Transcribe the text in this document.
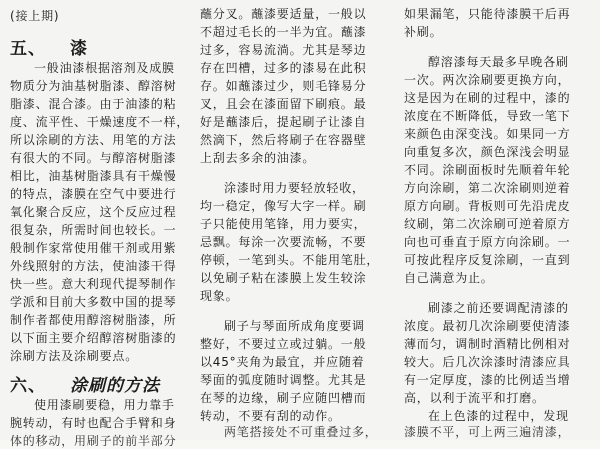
(接上期)
五、 漆
一般油漆根据溶剂及成膜
物质分为油基树脂漆、醇溶树
脂漆、混合漆。由于油漆的粘
度、流平性、干燥速度不一样，
所以涂刷的方法、用笔的方法
有很大的不同。与醇溶树脂漆
相比，油基树脂漆具有干燥慢
的特点，漆膜在空气中要进行
氧化聚合反应，这个反应过程
很复杂，所需时间也较长。一
般制作家常使用催干剂或用紫
外线照射的方法，使油漆干得
快一些。意大利现代提琴制作
学派和目前大多数中国的提琴
制作者都使用醇溶树脂漆，所
以下面主要介绍醇溶树脂漆的
涂刷方法及涂刷要点。
六、 涂刷的方法
使用漆刷要稳，用力靠手
腕转动，有时也配合手臂和身
体的移动，用刷子的前半部分
蘸分叉。蘸漆要适量，一般以
不超过毛长的一半为宜。蘸漆
过多，容易流淌。尤其是琴边
存在凹槽，过多的漆易在此积
存。如蘸漆过少，则毛锋易分
叉，且会在漆面留下刷痕。最
好是蘸漆后，提起刷子让漆自
然滴下，然后将刷子在容器壁
上刮去多余的油漆。
涂漆时用力要轻放轻收，
均一稳定，像写大字一样。刷
子只能使用笔锋，用力要实，
忌飘。每涂一次要流畅，不要
停顿，一笔到头。不能用笔肚，
以免刷子粘在漆膜上发生较涂
现象。
刷子与琴面所成角度要调
整好，不要过立或过躺。一般
以45°夹角为最宜，并应随着
琴面的弧度随时调整。尤其是
在琴的边缘，刷子应随凹槽而
转动，不要有刮的动作。
两笔搭接处不可重叠过多，
如果漏笔，只能待漆膜干后再
补刷。
醇溶漆每天最多早晚各刷
一次。两次涂刷要更换方向，
这是因为在刷的过程中，漆的
浓度在不断降低，导致一笔下
来颜色由深变浅。如果同一方
向重复多次，颜色深浅会明显
不同。涂刷面板时先顺着年轮
方向涂刷，第二次涂刷则逆着
原方向刷。背板则可先沿虎皮
纹刷，第二次涂刷可逆着原方
向也可垂直于原方向涂刷。一
可按此程序反复涂刷，一直到
自己满意为止。
刷漆之前还要调配清漆的
浓度。最初几次涂刷要使清漆
薄而匀，调制时酒精比例相对
较大。后几次涂漆时清漆应具
有一定厚度，漆的比例适当增
高，以利于流平和打磨。
在上色漆的过程中，发现
漆膜不平，可上两三遍清漆，
